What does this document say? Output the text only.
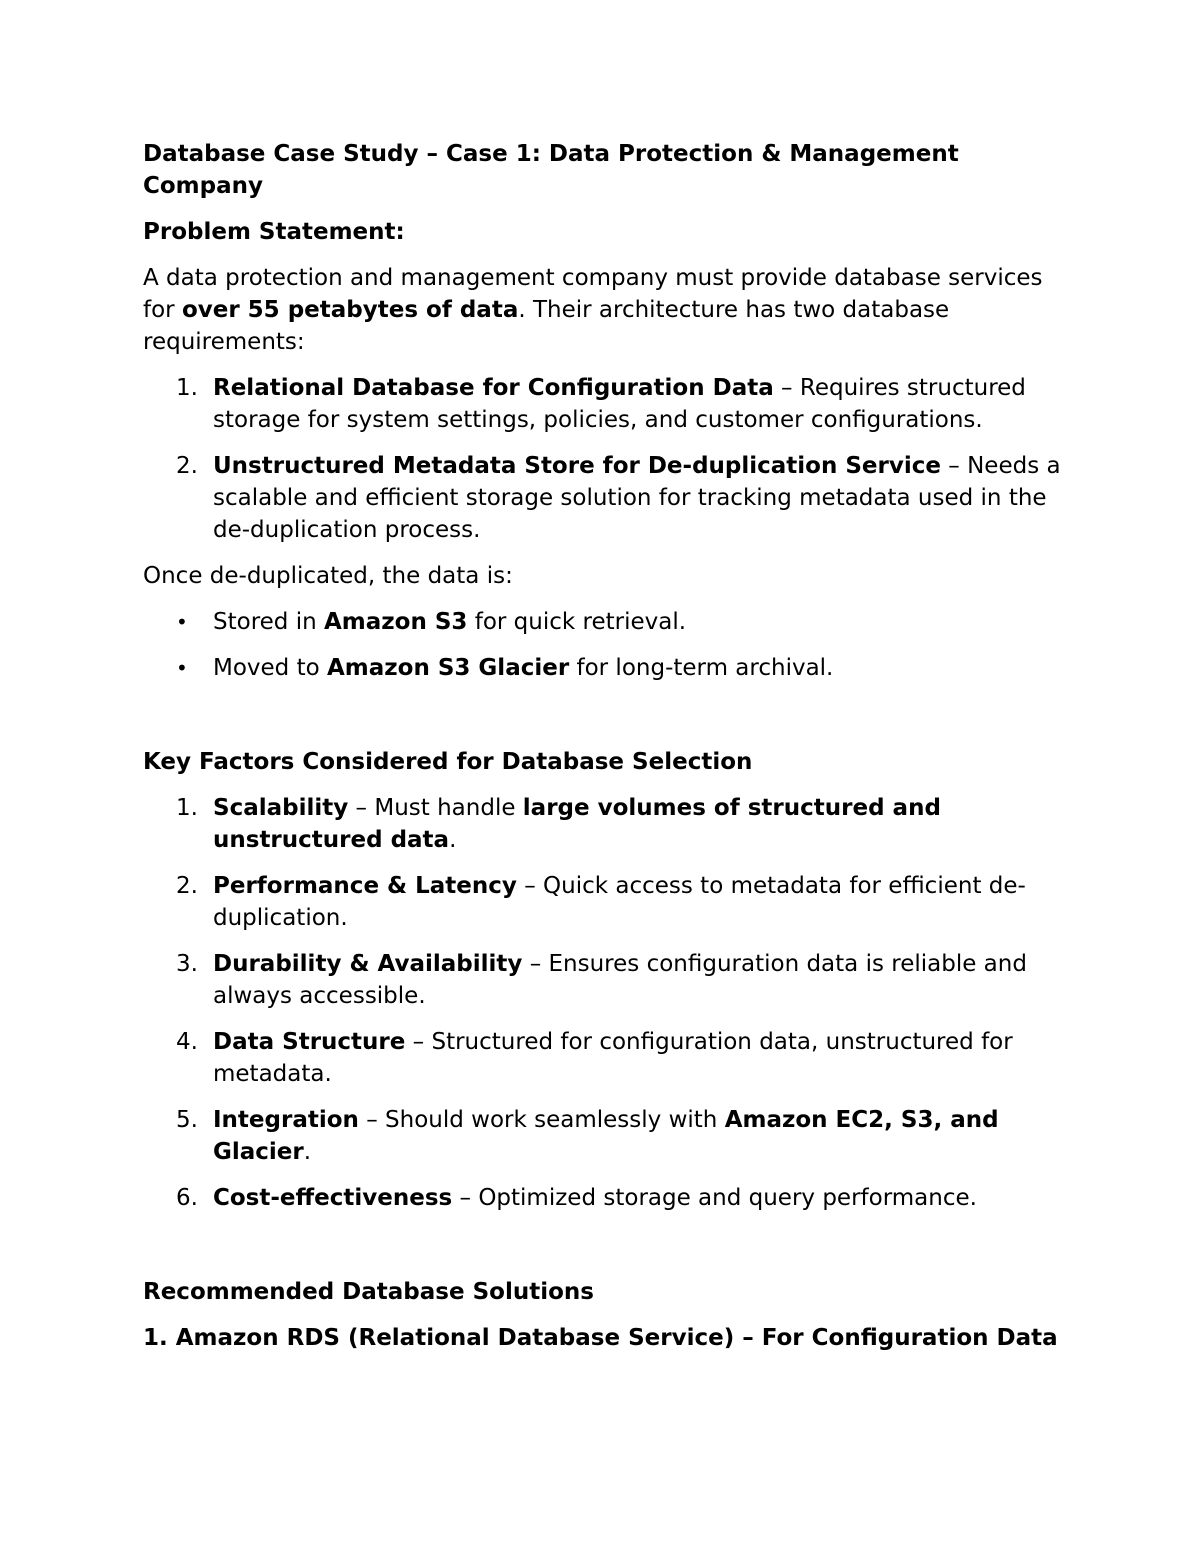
Database Case Study – Case 1: Data Protection & Management Company

Problem Statement:

A data protection and management company must provide database services for over 55 petabytes of data. Their architecture has two database requirements:

1. Relational Database for Configuration Data – Requires structured storage for system settings, policies, and customer configurations.
2. Unstructured Metadata Store for De-duplication Service – Needs a scalable and efficient storage solution for tracking metadata used in the de-duplication process.

Once de-duplicated, the data is:

• Stored in Amazon S3 for quick retrieval.
• Moved to Amazon S3 Glacier for long-term archival.

Key Factors Considered for Database Selection

1. Scalability – Must handle large volumes of structured and unstructured data.
2. Performance & Latency – Quick access to metadata for efficient de-duplication.
3. Durability & Availability – Ensures configuration data is reliable and always accessible.
4. Data Structure – Structured for configuration data, unstructured for metadata.
5. Integration – Should work seamlessly with Amazon EC2, S3, and Glacier.
6. Cost-effectiveness – Optimized storage and query performance.

Recommended Database Solutions

1. Amazon RDS (Relational Database Service) – For Configuration Data
